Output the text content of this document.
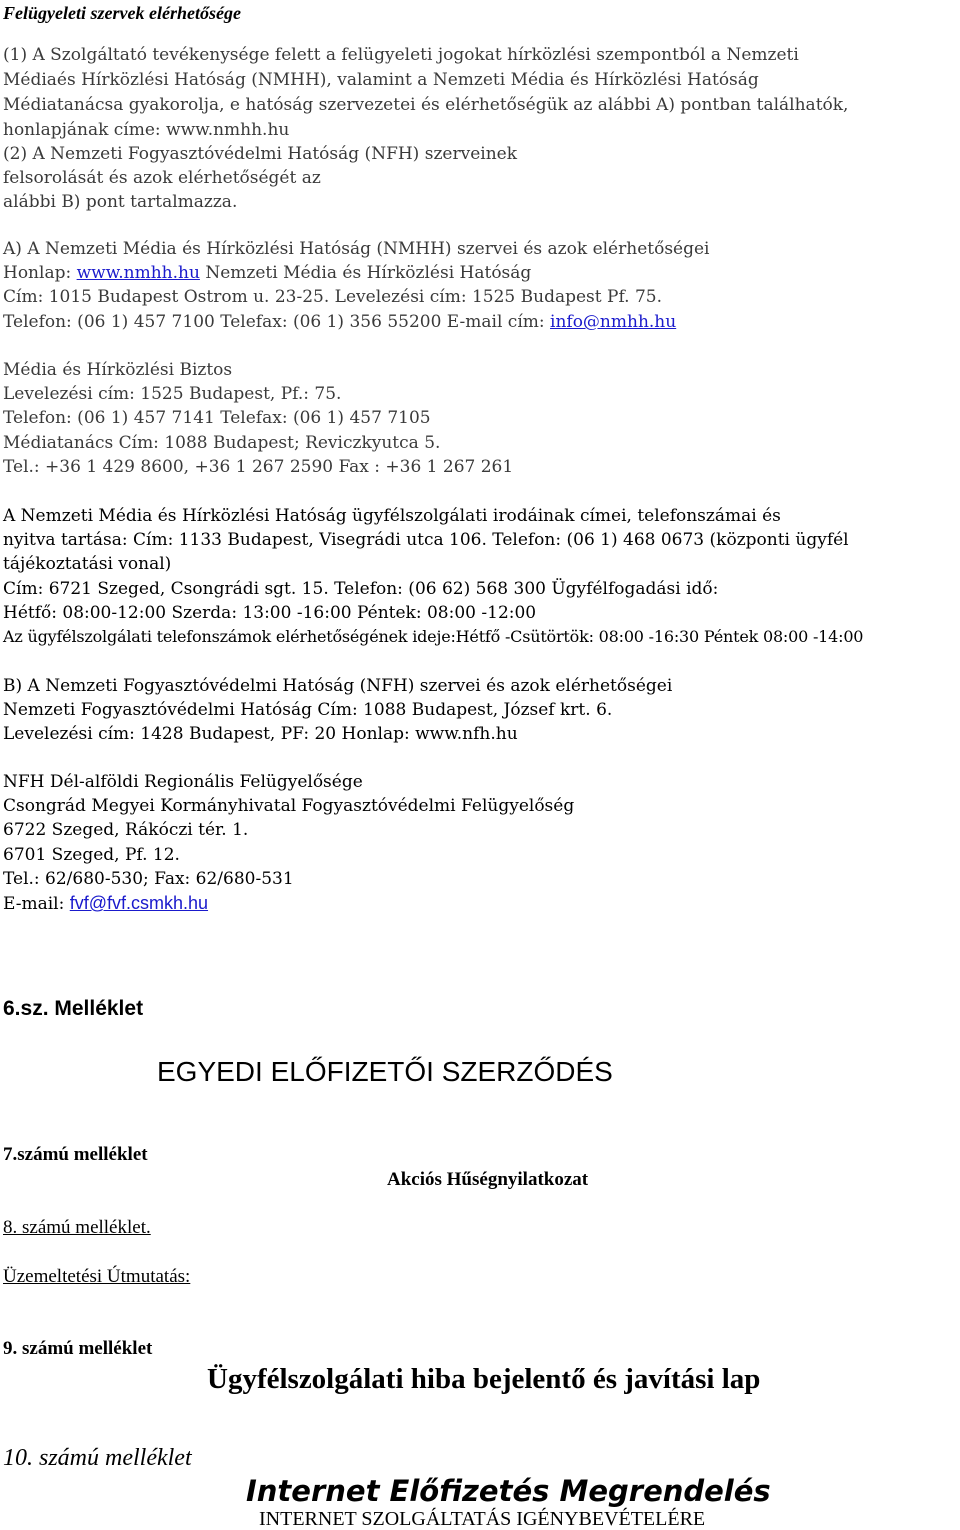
Felügyeleti szervek elérhetősége
(1) A Szolgáltató tevékenysége felett a felügyeleti jogokat hírközlési szempontból a Nemzeti
Médiaés Hírközlési Hatóság (NMHH), valamint a Nemzeti Média és Hírközlési Hatóság
Médiatanácsa gyakorolja, e hatóság szervezetei és elérhetőségük az alábbi A) pontban találhatók,
honlapjának címe: www.nmhh.hu
(2) A Nemzeti Fogyasztóvédelmi Hatóság (NFH) szerveinek
felsorolását és azok elérhetőségét az
alábbi B) pont tartalmazza.
A) A Nemzeti Média és Hírközlési Hatóság (NMHH) szervei és azok elérhetőségei
Honlap: www.nmhh.hu Nemzeti Média és Hírközlési Hatóság
Cím: 1015 Budapest Ostrom u. 23-25. Levelezési cím: 1525 Budapest Pf. 75.
Telefon: (06 1) 457 7100 Telefax: (06 1) 356 55200 E-mail cím: info@nmhh.hu
Média és Hírközlési Biztos
Levelezési cím: 1525 Budapest, Pf.: 75.
Telefon: (06 1) 457 7141 Telefax: (06 1) 457 7105
Médiatanács Cím: 1088 Budapest; Reviczkyutca 5.
Tel.: +36 1 429 8600, +36 1 267 2590 Fax : +36 1 267 261
A Nemzeti Média és Hírközlési Hatóság ügyfélszolgálati irodáinak címei, telefonszámai és
nyitva tartása: Cím: 1133 Budapest, Visegrádi utca 106. Telefon: (06 1) 468 0673 (központi ügyfél
tájékoztatási vonal)
Cím: 6721 Szeged, Csongrádi sgt. 15. Telefon: (06 62) 568 300 Ügyfélfogadási idő:
Hétfő: 08:00-12:00 Szerda: 13:00 -16:00 Péntek: 08:00 -12:00
Az ügyfélszolgálati telefonszámok elérhetőségének ideje:Hétfő -Csütörtök: 08:00 -16:30 Péntek 08:00 -14:00
B) A Nemzeti Fogyasztóvédelmi Hatóság (NFH) szervei és azok elérhetőségei
Nemzeti Fogyasztóvédelmi Hatóság Cím: 1088 Budapest, József krt. 6.
Levelezési cím: 1428 Budapest, PF: 20 Honlap: www.nfh.hu
NFH Dél-alföldi Regionális Felügyelősége
Csongrád Megyei Kormányhivatal Fogyasztóvédelmi Felügyelőség
6722 Szeged, Rákóczi tér. 1.
6701 Szeged, Pf. 12.
Tel.: 62/680-530; Fax: 62/680-531
E-mail: fvf@fvf.csmkh.hu
6.sz. Melléklet
EGYEDI ELŐFIZETŐI SZERZŐDÉS
7.számú melléklet
Akciós Hűségnyilatkozat
8. számú melléklet.
Üzemeltetési Útmutatás:
9. számú melléklet
Ügyfélszolgálati hiba bejelentő és javítási lap
10. számú melléklet
Internet Előfizetés Megrendelés
INTERNET SZOLGÁLTATÁS IGÉNYBEVÉTELÉRE
